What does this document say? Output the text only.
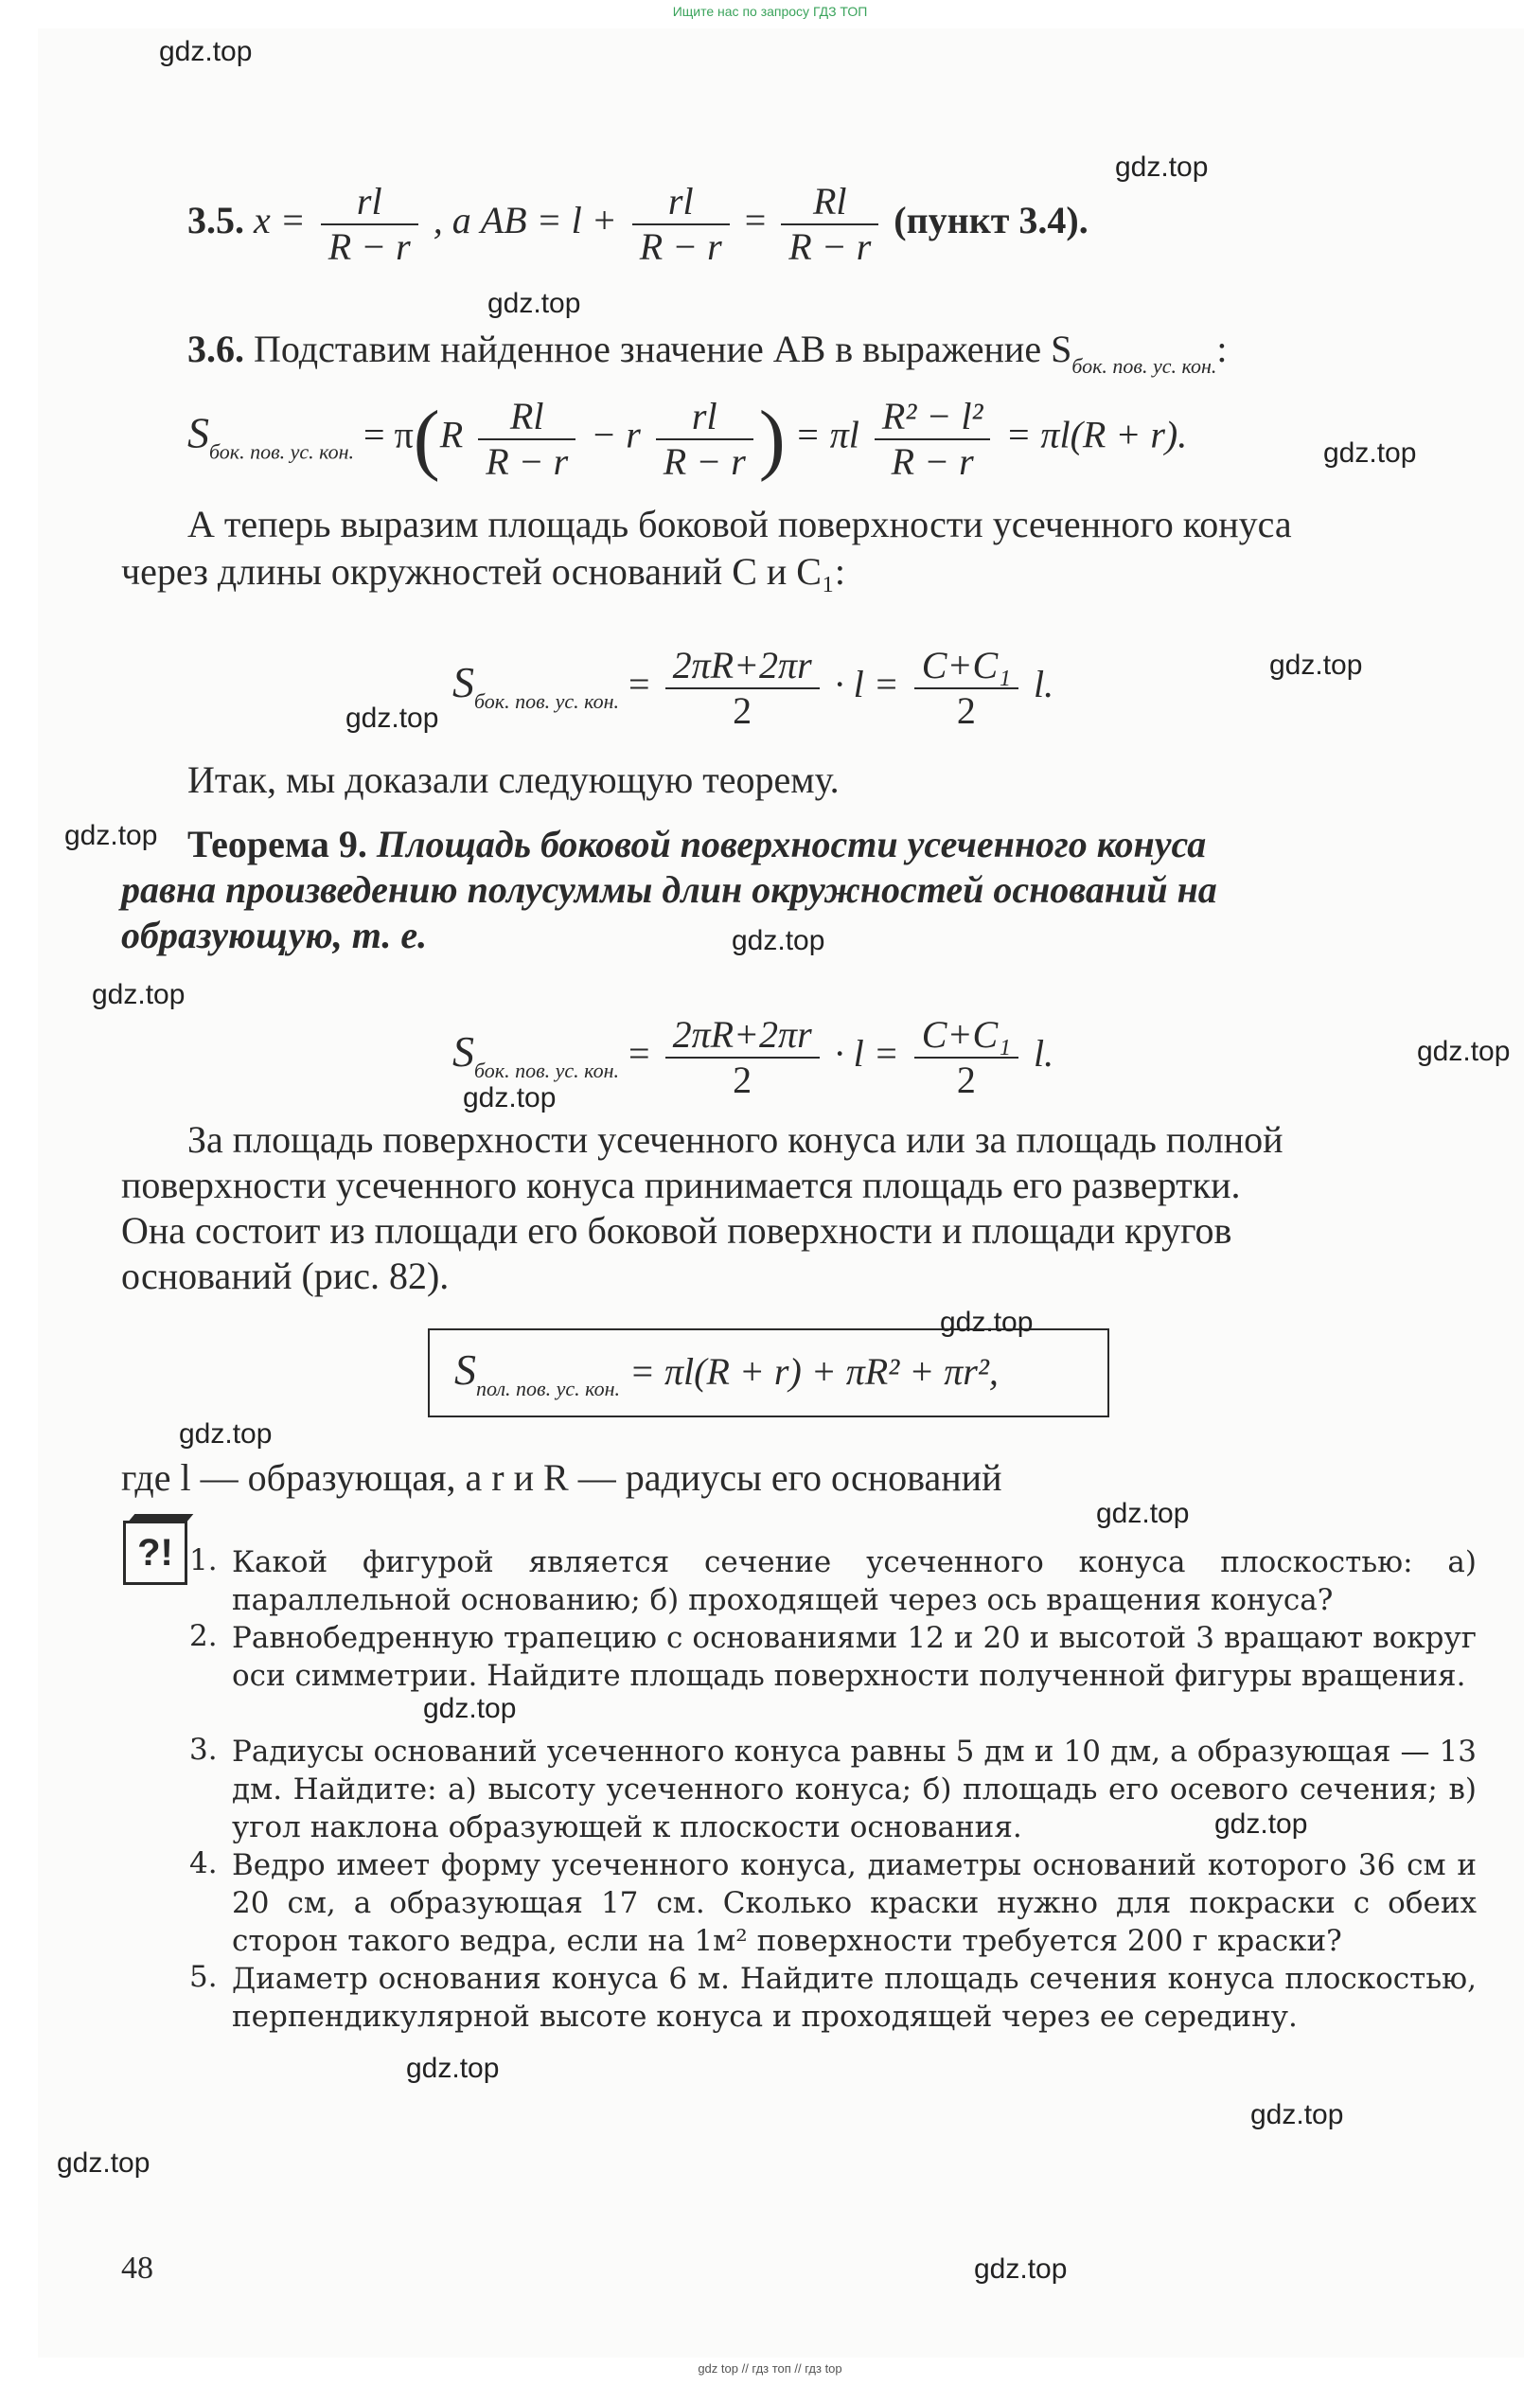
Ищите нас по запросу ГДЗ ТОП
3.5. $x = \frac{rl}{R - r}$ , а AB = $l + \frac{rl}{R - r} = \frac{Rl}{R - r}$ (пункт 3.4).
3.6. Подставим найденное значение AB в выражение $S_{бок. пов. ус. кон.}$:
$S_{бок. пов. ус. кон.} = \pi(R \frac{Rl}{R - r} - r \frac{rl}{R - r}$ ) = πl $\frac{\text{R² − l²}}{R - r} = \pi l(R + r)$.
А теперь выразим площадь боковой поверхности усеченного конуса
через длины окружностей оснований C и C₁:
$S_{бок. пов. ус. кон.} = \frac{2\pi R+2\pi r}{2} \cdot l = \frac{\text{C+C₁}}{2} l$.
Итак, мы доказали следующую теорему.
Теорема 9. Площадь боковой поверхности усеченного конуса
равна произведению полусуммы длин окружностей оснований на
образующую, т. е.
$S_{бок. пов. ус. кон.} = \frac{2\pi R+2\pi r}{2} \cdot l = \frac{\text{C+C₁}}{2} l$.
За площадь поверхности усеченного конуса или за площадь полной
поверхности усеченного конуса принимается площадь его развертки.
Она состоит из площади его боковой поверхности и площади кругов
оснований (рис. 82).
$S_{пол. пов. ус. кон.} = \pi l(R + r) + \pi R^2 + \pi r^2$,
где l — образующая, а r и R — радиусы его оснований
?! 1. Какой фигурой является сечение усеченного конуса плоскостью: а) параллельной основанию; б) проходящей через ось вращения конуса?
2. Равнобедренную трапецию с основаниями 12 и 20 и высотой 3 вращают вокруг оси симметрии. Найдите площадь поверхности полученной фигуры вращения.
3. Радиусы оснований усеченного конуса равны 5 дм и 10 дм, а образующая — 13 дм. Найдите: а) высоту усеченного конуса; б) площадь его осевого сечения; в) угол наклона образующей к плоскости основания.
4. Ведро имеет форму усеченного конуса, диаметры оснований которого 36 см и 20 см, а образующая 17 см. Сколько краски нужно для покраски с обеих сторон такого ведра, если на 1м² поверхности требуется 200 г краски?
5. Диаметр основания конуса 6 м. Найдите площадь сечения конуса плоскостью, перпендикулярной высоте конуса и проходящей через ее середину.
48
gdz.top
gdz.top
gdz.top
gdz.top
gdz.top
gdz.top
gdz.top
gdz.top
gdz.top
gdz.top
gdz.top
gdz.top
gdz.top
gdz.top
gdz.top
gdz.top
gdz.top
gdz.top
gdz.top
gdz.top
gdz top // гдз топ // гдз top
